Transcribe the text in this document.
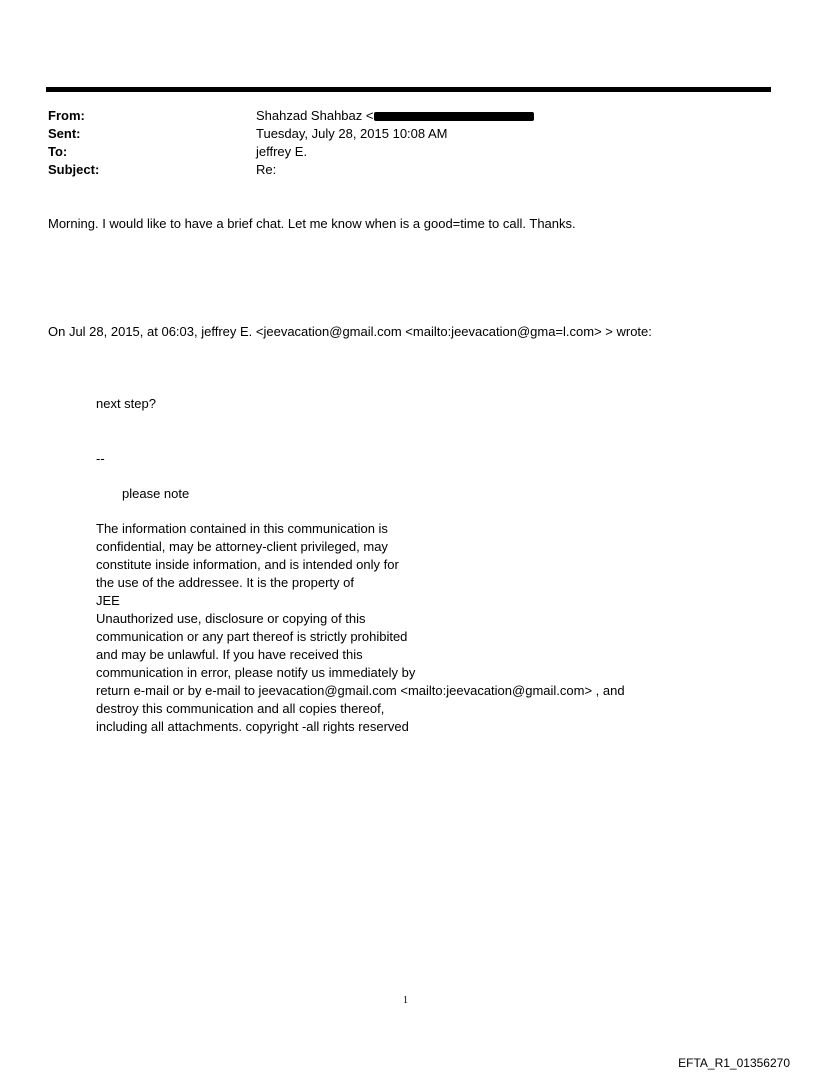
From:	Shahzad Shahbaz <
Sent:	Tuesday, July 28, 2015 10:08 AM
To:	jeffrey E.
Subject:	Re:
Morning. I would like to have a brief chat. Let me know when is a good=time to call. Thanks.
On Jul 28, 2015, at 06:03, jeffrey E. <jeevacation@gmail.com <mailto:jeevacation@gma=l.com> > wrote:
next step?
--
please note
The information contained in this communication is
confidential, may be attorney-client privileged, may
constitute inside information, and is intended only for
the use of the addressee. It is the property of
JEE
Unauthorized use, disclosure or copying of this
communication or any part thereof is strictly prohibited
and may be unlawful. If you have received this
communication in error, please notify us immediately by
return e-mail or by e-mail to jeevacation@gmail.com <mailto:jeevacation@gmail.com> , and
destroy this communication and all copies thereof,
including all attachments. copyright -all rights reserved
1
EFTA_R1_01356270
